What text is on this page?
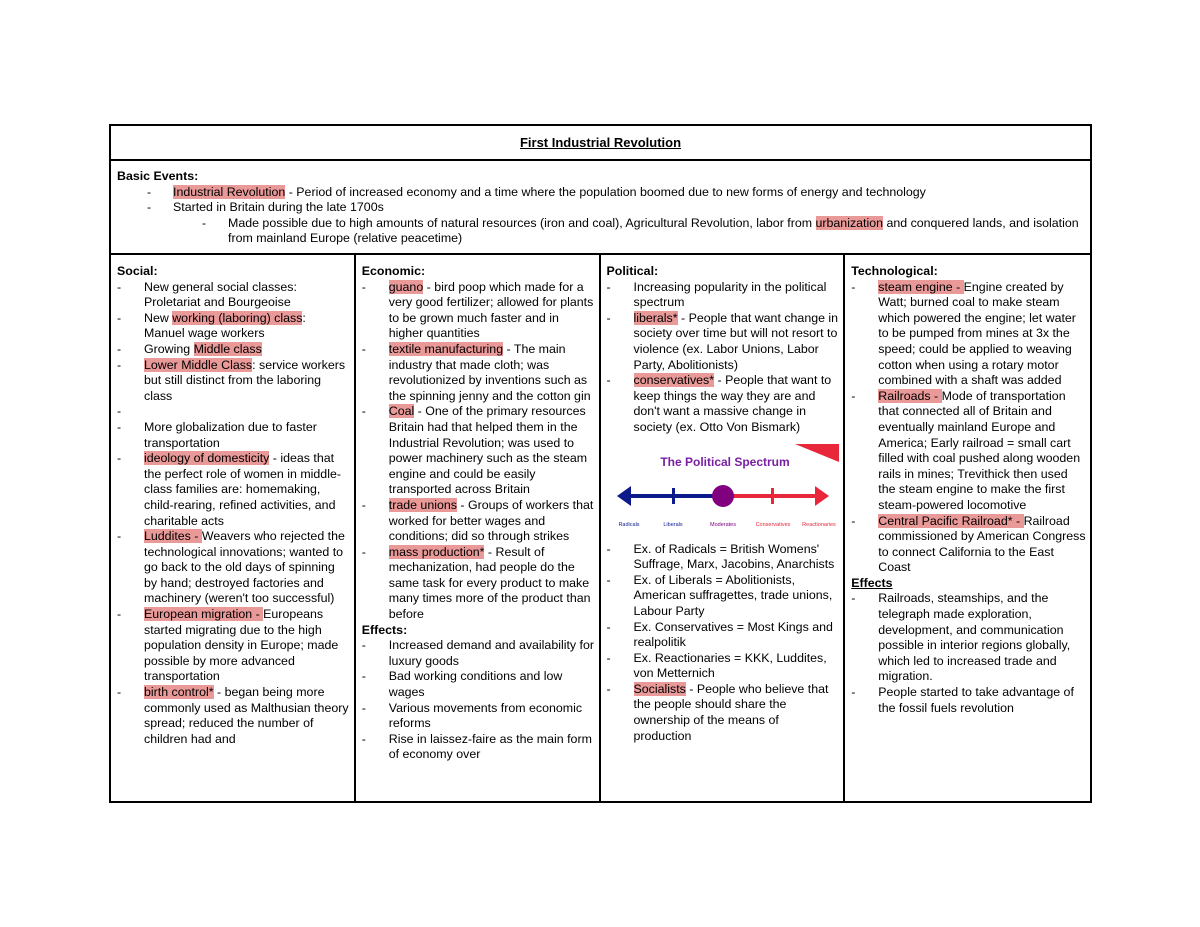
First Industrial Revolution
Basic Events:
- Industrial Revolution - Period of increased economy and a time where the population boomed due to new forms of energy and technology
- Started in Britain during the late 1700s
- Made possible due to high amounts of natural resources (iron and coal), Agricultural Revolution, labor from urbanization and conquered lands, and isolation from mainland Europe (relative peacetime)
Social:
- New general social classes: Proletariat and Bourgeoise
- New working (laboring) class: Manuel wage workers
- Growing Middle class
- Lower Middle Class: service workers but still distinct from the laboring class
-
- More globalization due to faster transportation
- ideology of domesticity - ideas that the perfect role of women in middle-class families are: homemaking, child-rearing, refined activities, and charitable acts
- Luddites - Weavers who rejected the technological innovations; wanted to go back to the old days of spinning by hand; destroyed factories and machinery (weren't too successful)
- European migration - Europeans started migrating due to the high population density in Europe; made possible by more advanced transportation
- birth control* - began being more commonly used as Malthusian theory spread; reduced the number of children had and
Economic:
- guano - bird poop which made for a very good fertilizer; allowed for plants to be grown much faster and in higher quantities
- textile manufacturing - The main industry that made cloth; was revolutionized by inventions such as the spinning jenny and the cotton gin
- Coal - One of the primary resources Britain had that helped them in the Industrial Revolution; was used to power machinery such as the steam engine and could be easily transported across Britain
- trade unions - Groups of workers that worked for better wages and conditions; did so through strikes
- mass production* - Result of mechanization, had people do the same task for every product to make many times more of the product than before
Effects:
- Increased demand and availability for luxury goods
- Bad working conditions and low wages
- Various movements from economic reforms
- Rise in laissez-faire as the main form of economy over
Political:
- Increasing popularity in the political spectrum
- liberals* - People that want change in society over time but will not resort to violence (ex. Labor Unions, Labor Party, Abolitionists)
- conservatives* - People that want to keep things the way they are and don't want a massive change in society (ex. Otto Von Bismark)
The Political Spectrum
Radicals	Liberals	Moderates	Conservatives Reactionaries
- Ex. of Radicals = British Womens' Suffrage, Marx, Jacobins, Anarchists
- Ex. of Liberals = Abolitionists, American suffragettes, trade unions, Labour Party
- Ex. Conservatives = Most Kings and realpolitik
- Ex. Reactionaries = KKK, Luddites, von Metternich
- Socialists - People who believe that the people should share the ownership of the means of production
Technological:
- steam engine - Engine created by Watt; burned coal to make steam which powered the engine; let water to be pumped from mines at 3x the speed; could be applied to weaving cotton when using a rotary motor combined with a shaft was added
- Railroads - Mode of transportation that connected all of Britain and eventually mainland Europe and America; Early railroad = small cart filled with coal pushed along wooden rails in mines; Trevithick then used the steam engine to make the first steam-powered locomotive
- Central Pacific Railroad* - Railroad commissioned by American Congress to connect California to the East Coast
Effects
- Railroads, steamships, and the telegraph made exploration, development, and communication possible in interior regions globally, which led to increased trade and migration.
- People started to take advantage of the fossil fuels revolution
